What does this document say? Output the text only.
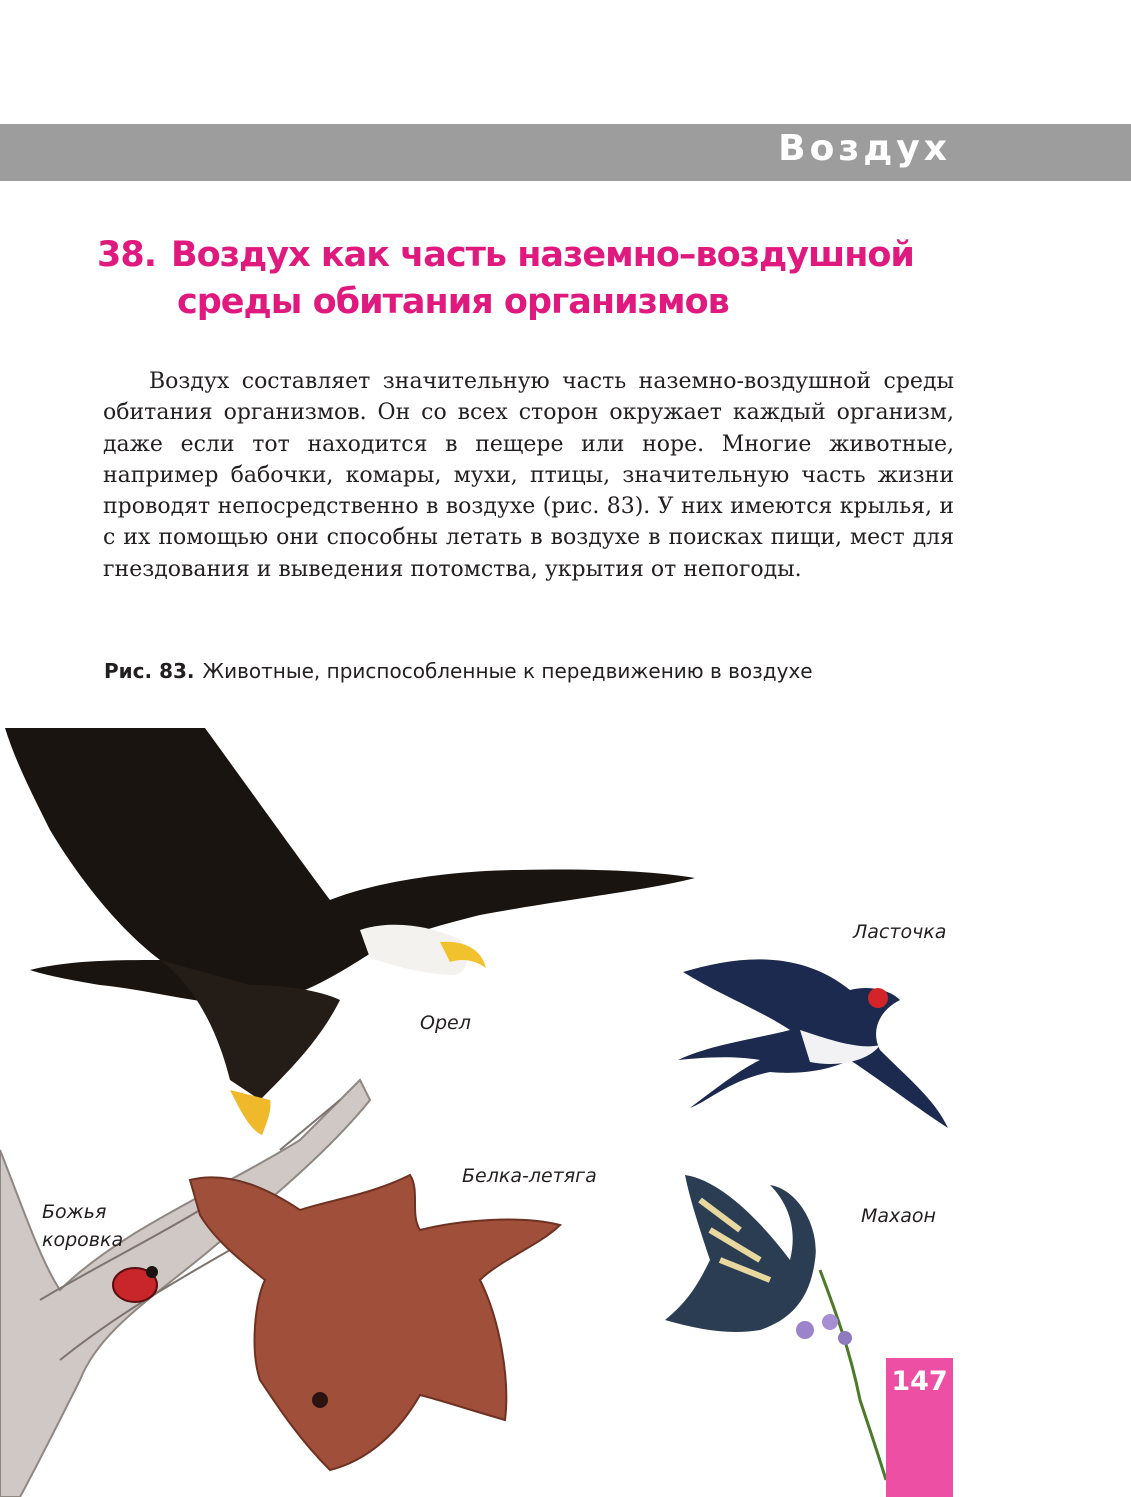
Воздух
38. Воздух как часть наземно–воздушной
среды обитания организмов

Воздух составляет значительную часть наземно-воздушной среды обитания организмов. Он со всех сторон окружает каждый организм, даже если тот находится в пещере или норе. Многие животные, например бабочки, комары, мухи, птицы, значительную часть жизни проводят непосредственно в воздухе (рис. 83). У них имеются крылья, и с их помощью они способны летать в воздухе в поисках пищи, мест для гнездования и выведения потомства, укрытия от непогоды.

Рис. 83. Животные, приспособленные к передвижению в воздухе
Орел
Ласточка
Белка-летяга
Божья
коровка
Махаон
147
